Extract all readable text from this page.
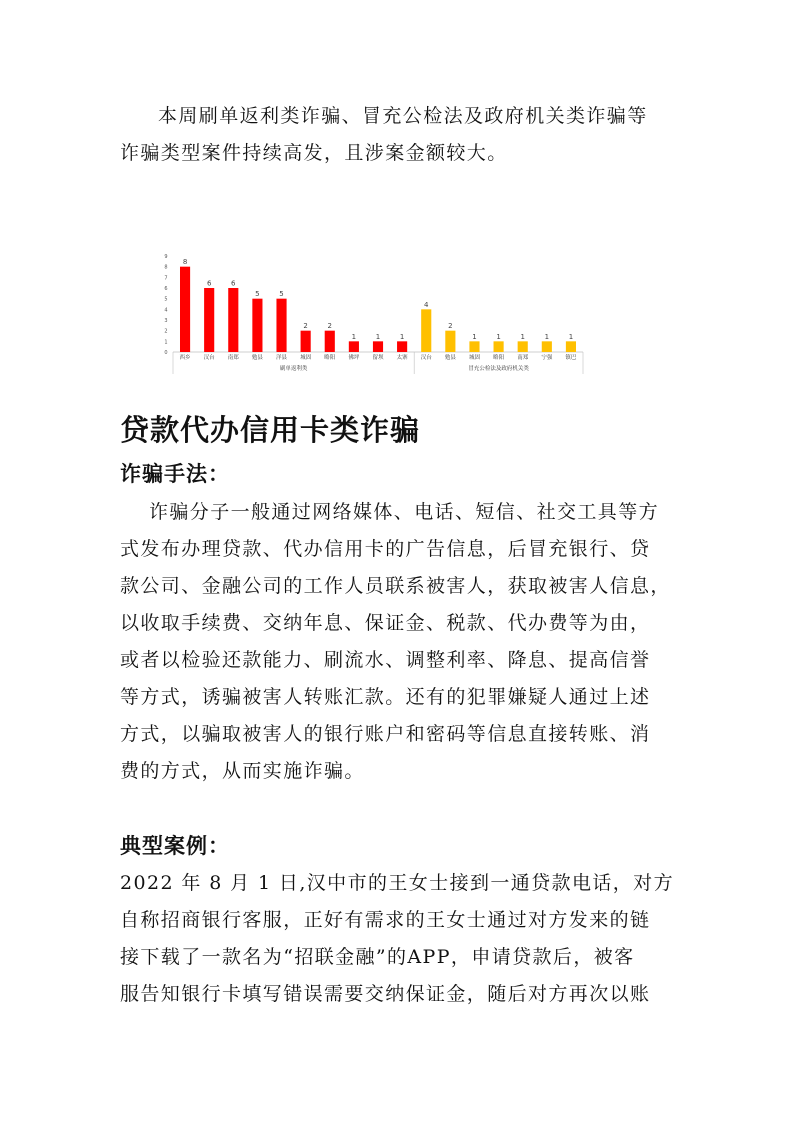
本周刷单返利类诈骗、冒充公检法及政府机关类诈骗等
诈骗类型案件持续高发，且涉案金额较大。
0
1
2
3
4
5
6
7
8
9
8
西乡
6
汉台
6
南郑
5
勉县
5
洋县
2
城固
2
略阳
1
佛坪
1
留坝
1
太寨
刷单返利类
4
汉台
2
勉县
1
城固
1
略阳
1
南郑
1
宁强
1
镇巴
冒充公检法及政府机关类
贷款代办信用卡类诈骗
诈骗手法：
诈骗分子一般通过网络媒体、电话、短信、社交工具等方
式发布办理贷款、代办信用卡的广告信息，后冒充银行、贷
款公司、金融公司的工作人员联系被害人，获取被害人信息，
以收取手续费、交纳年息、保证金、税款、代办费等为由，
或者以检验还款能力、刷流水、调整利率、降息、提高信誉
等方式，诱骗被害人转账汇款。还有的犯罪嫌疑人通过上述
方式，以骗取被害人的银行账户和密码等信息直接转账、消
费的方式，从而实施诈骗。
典型案例：
2022 年 8 月 1 日,汉中市的王女士接到一通贷款电话，对方
自称招商银行客服，正好有需求的王女士通过对方发来的链
接下载了一款名为“招联金融”的APP，申请贷款后，被客
服告知银行卡填写错误需要交纳保证金，随后对方再次以账
